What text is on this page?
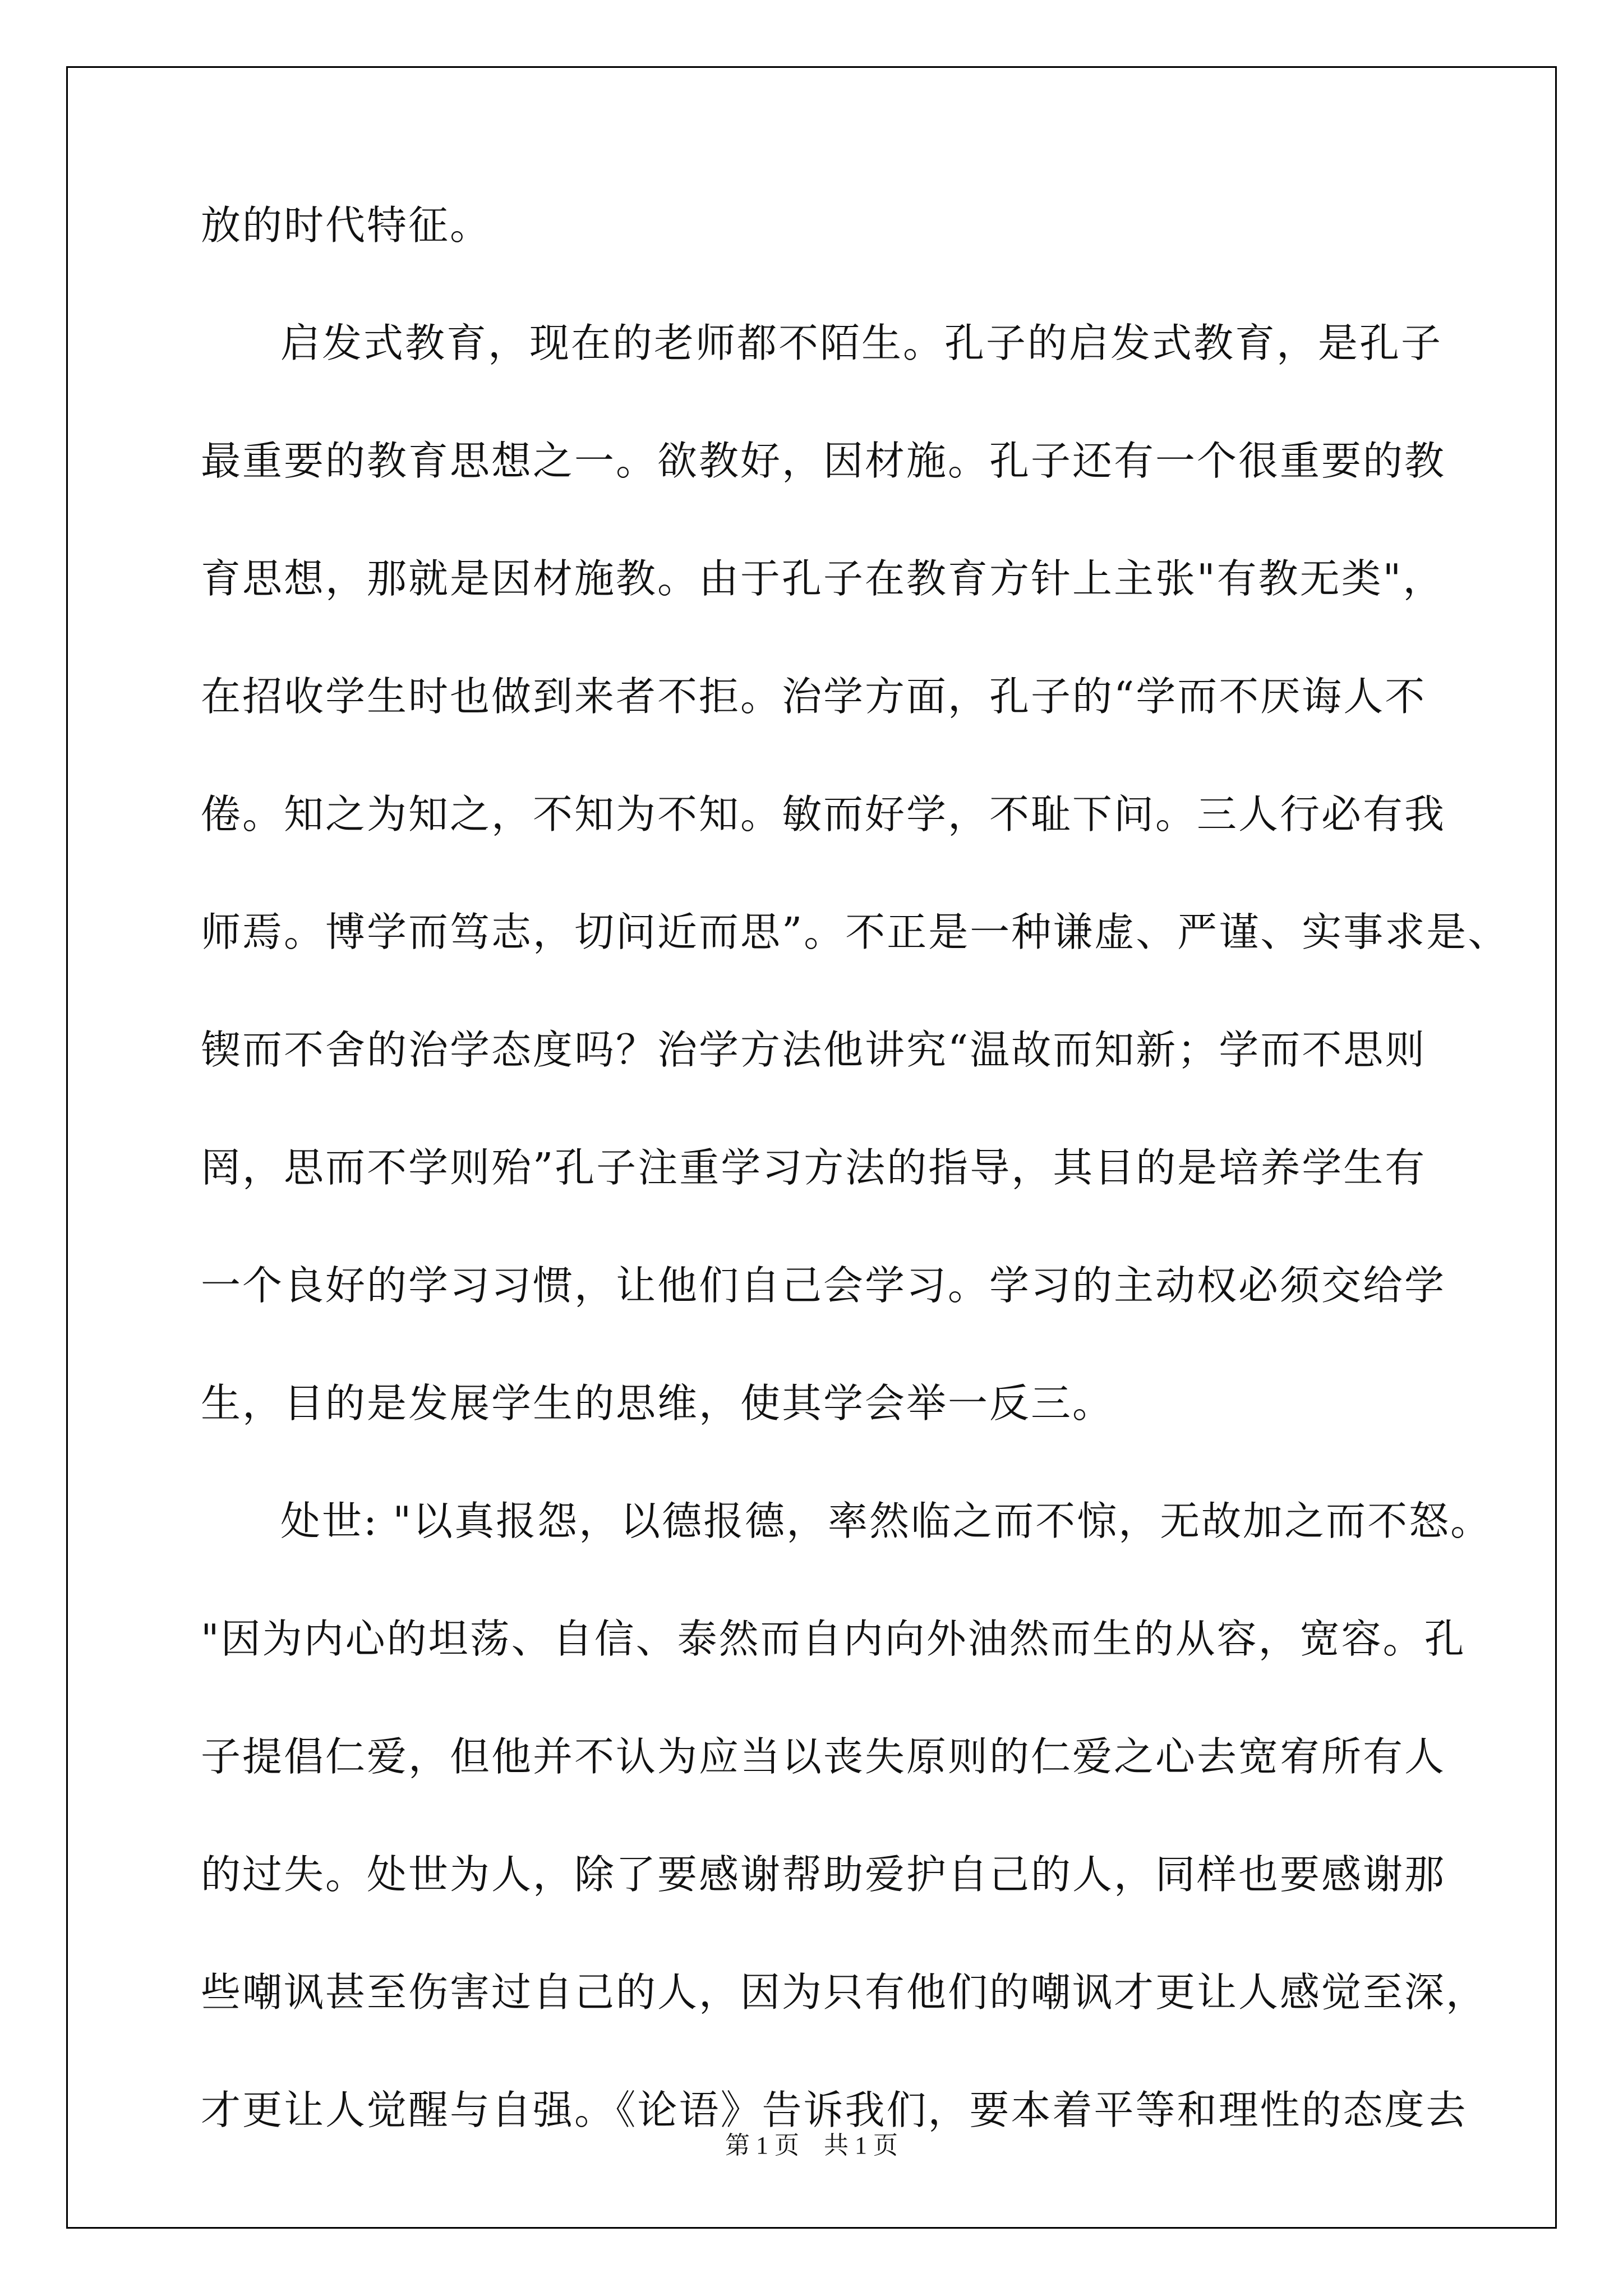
放的时代特征。
启发式教育，现在的老师都不陌生。孔子的启发式教育，是孔子
最重要的教育思想之一。欲教好，因材施。孔子还有一个很重要的教
育思想，那就是因材施教。由于孔子在教育方针上主张"有教无类"，
在招收学生时也做到来者不拒。治学方面，孔子的“学而不厌诲人不
倦。知之为知之，不知为不知。敏而好学，不耻下问。三人行必有我
师焉。博学而笃志，切问近而思”。不正是一种谦虚、严谨、实事求是、
锲而不舍的治学态度吗？治学方法他讲究“温故而知新；学而不思则
罔，思而不学则殆”孔子注重学习方法的指导，其目的是培养学生有
一个良好的学习习惯，让他们自己会学习。学习的主动权必须交给学
生，目的是发展学生的思维，使其学会举一反三。
处世: "以真报怨，以德报德，率然临之而不惊，无故加之而不怒。
"因为内心的坦荡、自信、泰然而自内向外油然而生的从容，宽容。孔
子提倡仁爱，但他并不认为应当以丧失原则的仁爱之心去宽宥所有人
的过失。处世为人，除了要感谢帮助爱护自己的人，同样也要感谢那
些嘲讽甚至伤害过自己的人，因为只有他们的嘲讽才更让人感觉至深，
才更让人觉醒与自强。《论语》告诉我们，要本着平等和理性的态度去
第 1 页    共 1 页
